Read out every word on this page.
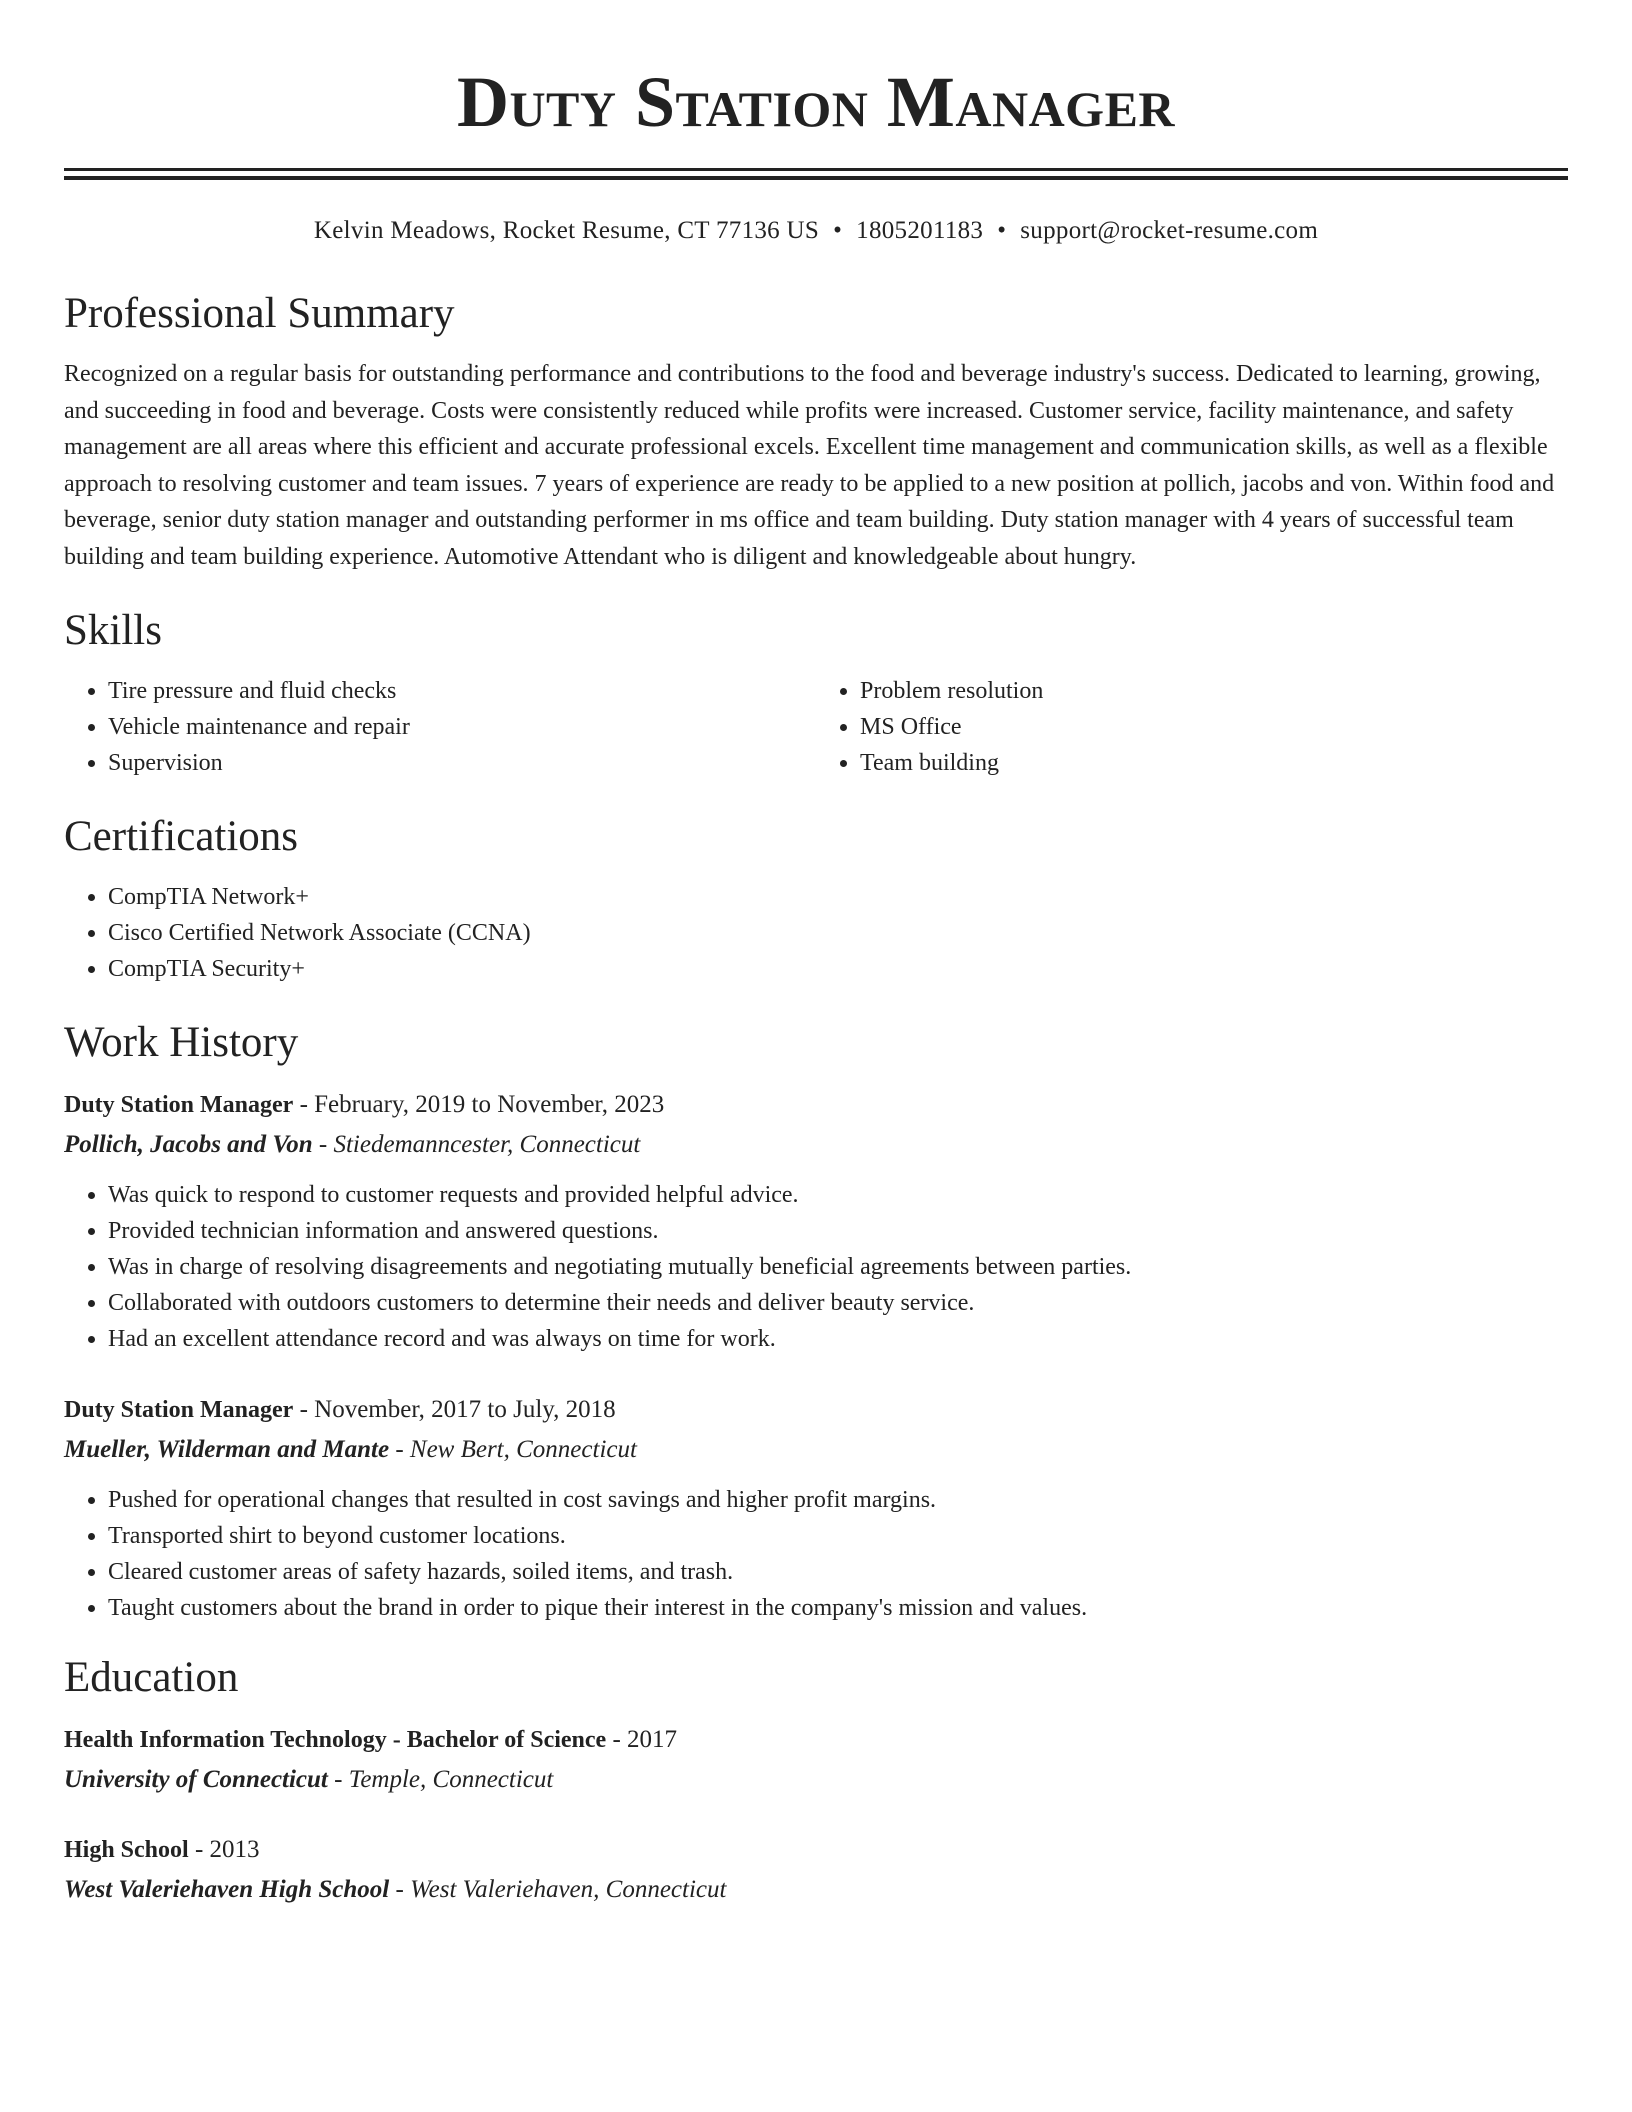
Duty Station Manager
Kelvin Meadows, Rocket Resume, CT 77136 US • 1805201183 • support@rocket-resume.com
Professional Summary

Recognized on a regular basis for outstanding performance and contributions to the food and beverage industry's success. Dedicated to learning, growing, and succeeding in food and beverage. Costs were consistently reduced while profits were increased. Customer service, facility maintenance, and safety management are all areas where this efficient and accurate professional excels. Excellent time management and communication skills, as well as a flexible approach to resolving customer and team issues. 7 years of experience are ready to be applied to a new position at pollich, jacobs and von. Within food and beverage, senior duty station manager and outstanding performer in ms office and team building. Duty station manager with 4 years of successful team building and team building experience. Automotive Attendant who is diligent and knowledgeable about hungry.

Skills
• Tire pressure and fluid checks
• Vehicle maintenance and repair
• Supervision
• Problem resolution
• MS Office
• Team building
Certifications
• CompTIA Network+
• Cisco Certified Network Associate (CCNA)
• CompTIA Security+
Work History
Duty Station Manager - February, 2019 to November, 2023
Pollich, Jacobs and Von - Stiedemanncester, Connecticut
• Was quick to respond to customer requests and provided helpful advice.
• Provided technician information and answered questions.
• Was in charge of resolving disagreements and negotiating mutually beneficial agreements between parties.
• Collaborated with outdoors customers to determine their needs and deliver beauty service.
• Had an excellent attendance record and was always on time for work.
Duty Station Manager - November, 2017 to July, 2018
Mueller, Wilderman and Mante - New Bert, Connecticut
• Pushed for operational changes that resulted in cost savings and higher profit margins.
• Transported shirt to beyond customer locations.
• Cleared customer areas of safety hazards, soiled items, and trash.
• Taught customers about the brand in order to pique their interest in the company's mission and values.
Education
Health Information Technology - Bachelor of Science - 2017
University of Connecticut - Temple, Connecticut
High School - 2013
West Valeriehaven High School - West Valeriehaven, Connecticut
